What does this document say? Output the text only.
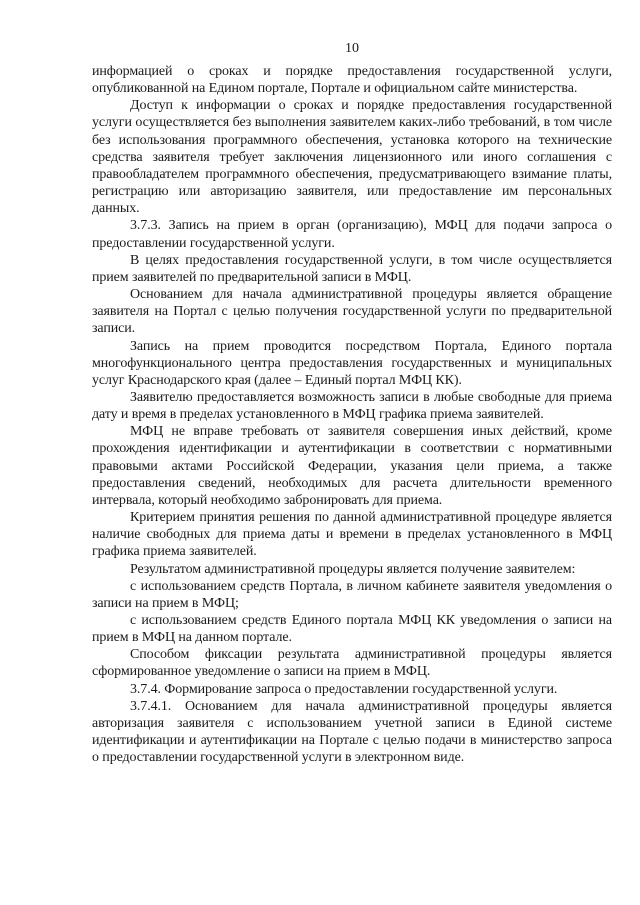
10

информацией о сроках и порядке предоставления государственной услуги, опубликованной на Едином портале, Портале и официальном сайте министерства.

Доступ к информации о сроках и порядке предоставления государственной услуги осуществляется без выполнения заявителем каких-либо требований, в том числе без использования программного обеспечения, установка которого на технические средства заявителя требует заключения лицензионного или иного соглашения с правообладателем программного обеспечения, предусматривающего взимание платы, регистрацию или авторизацию заявителя, или предоставление им персональных данных.

3.7.3. Запись на прием в орган (организацию), МФЦ для подачи запроса о предоставлении государственной услуги.

В целях предоставления государственной услуги, в том числе осуществляется прием заявителей по предварительной записи в МФЦ.

Основанием для начала административной процедуры является обращение заявителя на Портал с целью получения государственной услуги по предварительной записи.

Запись на прием проводится посредством Портала, Единого портала многофункционального центра предоставления государственных и муниципальных услуг Краснодарского края (далее – Единый портал МФЦ КК).

Заявителю предоставляется возможность записи в любые свободные для приема дату и время в пределах установленного в МФЦ графика приема заявителей.

МФЦ не вправе требовать от заявителя совершения иных действий, кроме прохождения идентификации и аутентификации в соответствии с нормативными правовыми актами Российской Федерации, указания цели приема, а также предоставления сведений, необходимых для расчета длительности временного интервала, который необходимо забронировать для приема.

Критерием принятия решения по данной административной процедуре является наличие свободных для приема даты и времени в пределах установленного в МФЦ графика приема заявителей.

Результатом административной процедуры является получение заявителем:

с использованием средств Портала, в личном кабинете заявителя уведомления о записи на прием в МФЦ;

с использованием средств Единого портала МФЦ КК уведомления о записи на прием в МФЦ на данном портале.

Способом фиксации результата административной процедуры является сформированное уведомление о записи на прием в МФЦ.

3.7.4. Формирование запроса о предоставлении государственной услуги.

3.7.4.1. Основанием для начала административной процедуры является авторизация заявителя с использованием учетной записи в Единой системе идентификации и аутентификации на Портале с целью подачи в министерство запроса о предоставлении государственной услуги в электронном виде.
